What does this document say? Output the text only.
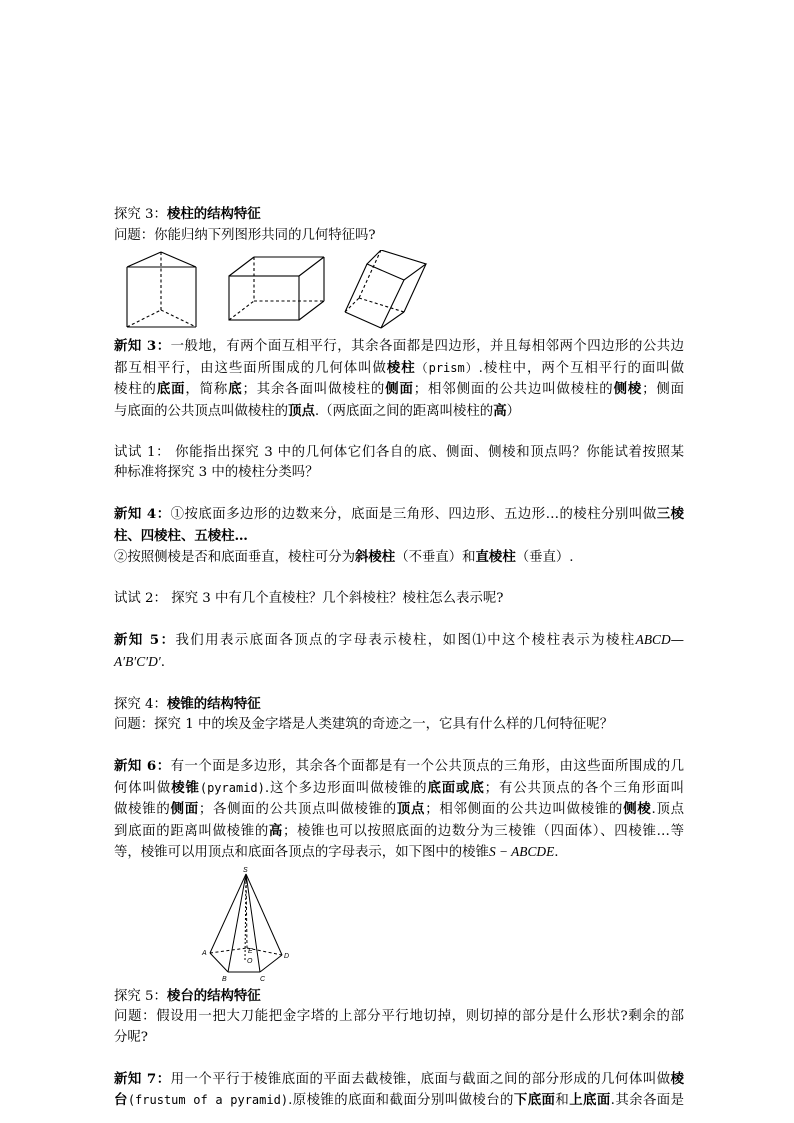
探究 3：棱柱的结构特征
问题：你能归纳下列图形共同的几何特征吗?
新知 3：一般地，有两个面互相平行，其余各面都是四边形，并且每相邻两个四边形的公共边
都互相平行，由这些面所围成的几何体叫做棱柱（prism）.棱柱中，两个互相平行的面叫做
棱柱的底面，简称底；其余各面叫做棱柱的侧面；相邻侧面的公共边叫做棱柱的侧棱；侧面
与底面的公共顶点叫做棱柱的顶点.（两底面之间的距离叫棱柱的高）
试试 1： 你能指出探究 3 中的几何体它们各自的底、侧面、侧棱和顶点吗？你能试着按照某
种标准将探究 3 中的棱柱分类吗？
新知 4：①按底面多边形的边数来分，底面是三角形、四边形、五边形…的棱柱分别叫做三棱
柱、四棱柱、五棱柱…
②按照侧棱是否和底面垂直，棱柱可分为斜棱柱（不垂直）和直棱柱（垂直）.
试试 2： 探究 3 中有几个直棱柱？几个斜棱柱？棱柱怎么表示呢?
新知 5：我们用表示底面各顶点的字母表示棱柱，如图⑴中这个棱柱表示为棱柱ABCD—
A′B′C′D′.
探究 4：棱锥的结构特征
问题：探究 1 中的埃及金字塔是人类建筑的奇迹之一，它具有什么样的几何特征呢？
新知 6：有一个面是多边形，其余各个面都是有一个公共顶点的三角形，由这些面所围成的几
何体叫做棱锥(pyramid).这个多边形面叫做棱锥的底面或底；有公共顶点的各个三角形面叫
做棱锥的侧面；各侧面的公共顶点叫做棱锥的顶点；相邻侧面的公共边叫做棱锥的侧棱.顶点
到底面的距离叫做棱锥的高；棱锥也可以按照底面的边数分为三棱锥（四面体）、四棱锥…等
等，棱锥可以用顶点和底面各顶点的字母表示，如下图中的棱锥S − ABCDE.
S
A
B	C
D
E
O
探究 5：棱台的结构特征
问题：假设用一把大刀能把金字塔的上部分平行地切掉，则切掉的部分是什么形状?剩余的部
分呢?
新知 7：用一个平行于棱锥底面的平面去截棱锥，底面与截面之间的部分形成的几何体叫做棱
台(frustum of a pyramid).原棱锥的底面和截面分别叫做棱台的下底面和上底面.其余各面是
